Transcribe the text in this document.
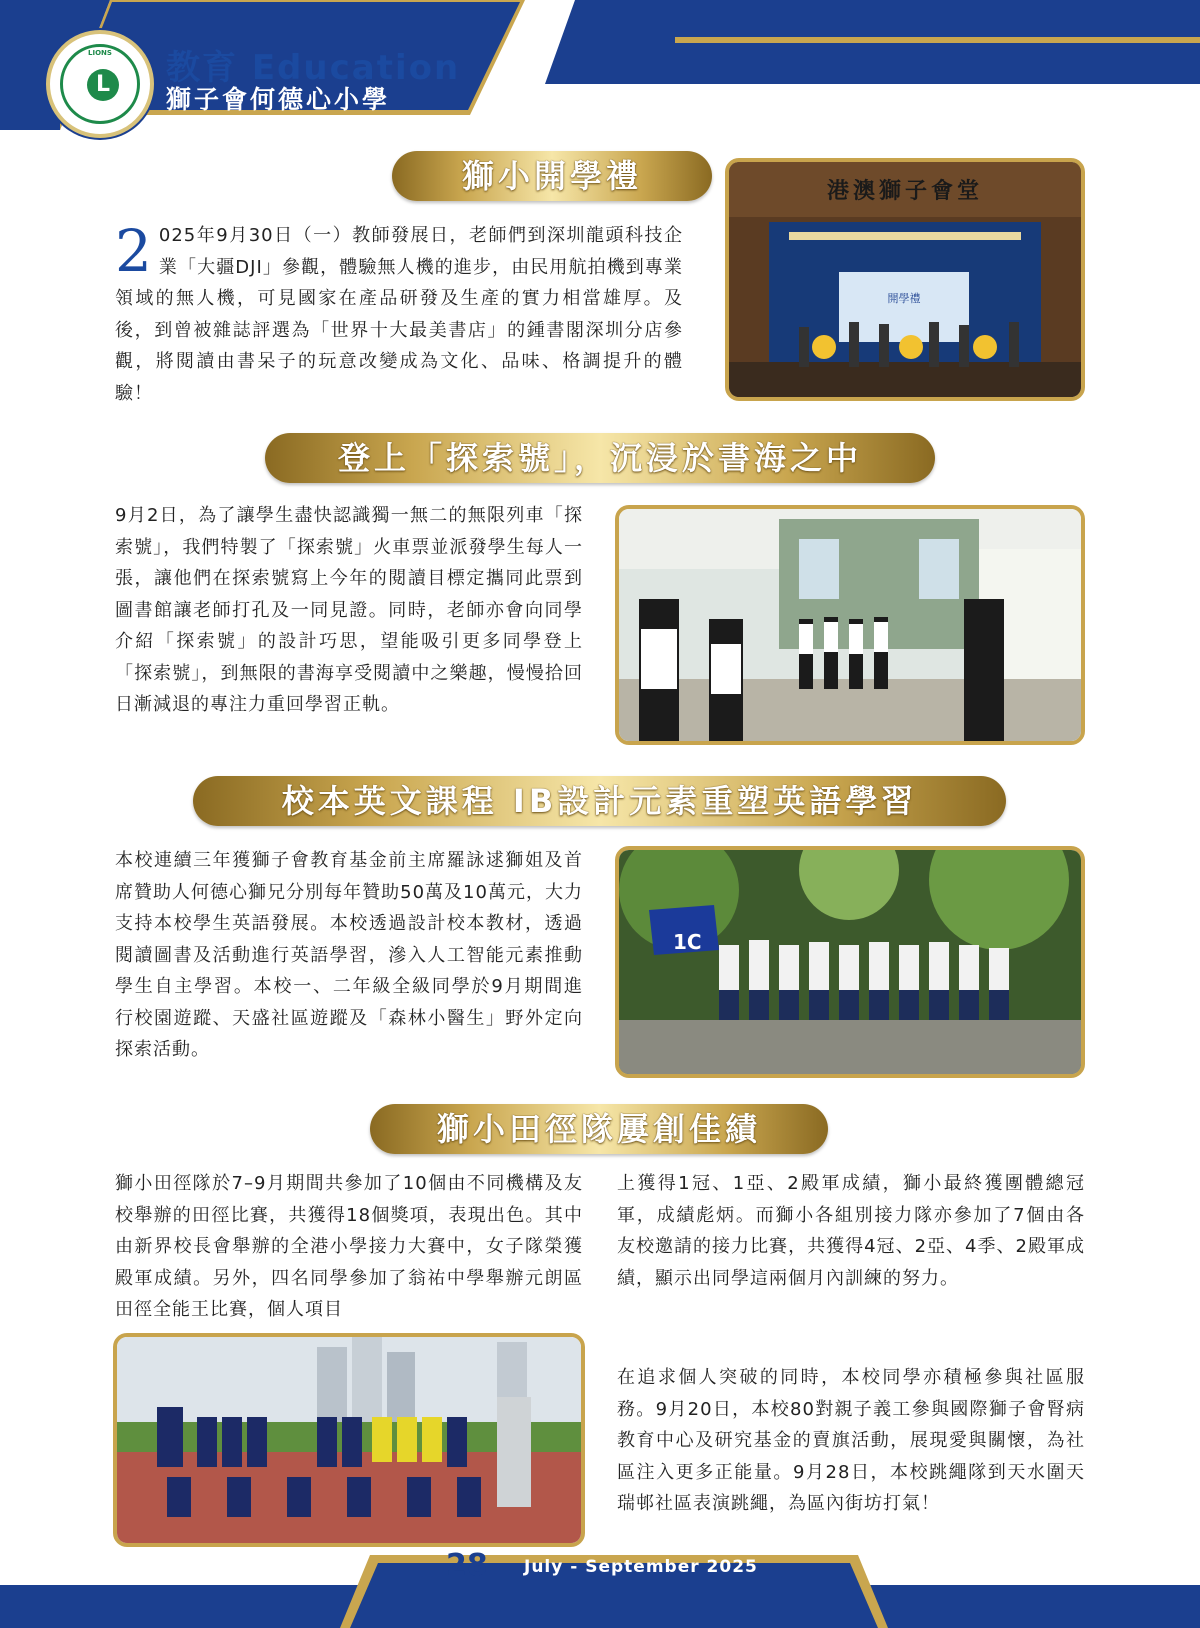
LIONS
L 教育 Education
獅子會何德心小學
獅小開學禮
2 025年9月30日（一）教師發展日，老師們到深圳龍頭科技企業「大疆DJI」參觀，體驗無人機的進步，由民用航拍機到專業領域的無人機，可見國家在產品研發及生產的實力相當雄厚。及後，到曾被雜誌評選為「世界十大最美書店」的鍾書閣深圳分店參觀，將閱讀由書呆子的玩意改變成為文化、品味、格調提升的體驗！
港澳獅子會堂
開學禮
登上「探索號」，沉浸於書海之中
9月2日，為了讓學生盡快認識獨一無二的無限列車「探索號」，我們特製了「探索號」火車票並派發學生每人一張，讓他們在探索號寫上今年的閱讀目標定攜同此票到圖書館讓老師打孔及一同見證。同時，老師亦會向同學介紹「探索號」的設計巧思，望能吸引更多同學登上「探索號」，到無限的書海享受閱讀中之樂趣，慢慢拾回日漸減退的專注力重回學習正軌。
校本英文課程 IB設計元素重塑英語學習
本校連續三年獲獅子會教育基金前主席羅詠逑獅姐及首席贊助人何德心獅兄分別每年贊助50萬及10萬元，大力支持本校學生英語發展。本校透過設計校本教材，透過閱讀圖書及活動進行英語學習，滲入人工智能元素推動學生自主學習。本校一、二年級全級同學於9月期間進行校園遊蹤、天盛社區遊蹤及「森林小醫生」野外定向探索活動。
1C
獅小田徑隊屢創佳績
獅小田徑隊於7–9月期間共參加了10個由不同機構及友校舉辦的田徑比賽，共獲得18個獎項，表現出色。其中由新界校長會舉辦的全港小學接力大賽中，女子隊榮獲殿軍成績。另外，四名同學參加了翁祐中學舉辦元朗區田徑全能王比賽，個人項目
上獲得1冠、1亞、2殿軍成績，獅小最終獲團體總冠軍，成績彪炳。而獅小各組別接力隊亦參加了7個由各友校邀請的接力比賽，共獲得4冠、2亞、4季、2殿軍成績，顯示出同學這兩個月內訓練的努力。
在追求個人突破的同時，本校同學亦積極參與社區服務。9月20日，本校80對親子義工參與國際獅子會腎病教育中心及研究基金的賣旗活動，展現愛與關懷，為社區注入更多正能量。9月28日，本校跳繩隊到天水圍天瑞邨社區表演跳繩，為區內街坊打氣！
28 July - September 2025
